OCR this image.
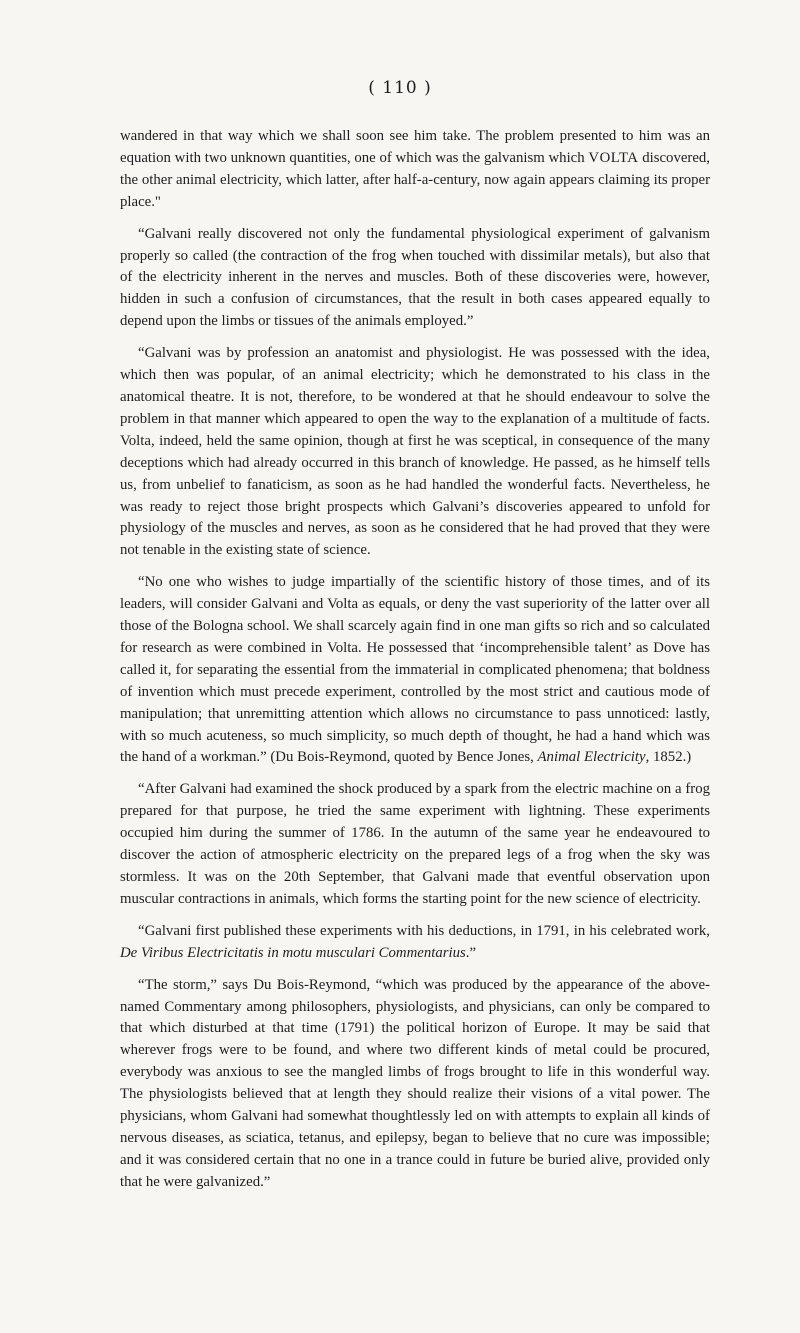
( 110 )

wandered in that way which we shall soon see him take. The problem presented to him was an equation with two unknown quantities, one of which was the galvanism which VOLTA discovered, the other animal electricity, which latter, after half-a-century, now again appears claiming its proper place."

“Galvani really discovered not only the fundamental physiological experiment of galvanism properly so called (the contraction of the frog when touched with dissimilar metals), but also that of the electricity inherent in the nerves and muscles. Both of these discoveries were, however, hidden in such a confusion of circumstances, that the result in both cases appeared equally to depend upon the limbs or tissues of the animals employed.”

“Galvani was by profession an anatomist and physiologist. He was possessed with the idea, which then was popular, of an animal electricity; which he demonstrated to his class in the anatomical theatre. It is not, therefore, to be wondered at that he should endeavour to solve the problem in that manner which appeared to open the way to the explanation of a multitude of facts. Volta, indeed, held the same opinion, though at first he was sceptical, in consequence of the many deceptions which had already occurred in this branch of knowledge. He passed, as he himself tells us, from unbelief to fanaticism, as soon as he had handled the wonderful facts. Nevertheless, he was ready to reject those bright prospects which Galvani’s discoveries appeared to unfold for physiology of the muscles and nerves, as soon as he considered that he had proved that they were not tenable in the existing state of science.

“No one who wishes to judge impartially of the scientific history of those times, and of its leaders, will consider Galvani and Volta as equals, or deny the vast superiority of the latter over all those of the Bologna school. We shall scarcely again find in one man gifts so rich and so calculated for research as were combined in Volta. He possessed that ‘incomprehensible talent’ as Dove has called it, for separating the essential from the immaterial in complicated phenomena; that boldness of invention which must precede experiment, controlled by the most strict and cautious mode of manipulation; that unremitting attention which allows no circumstance to pass unnoticed: lastly, with so much acuteness, so much simplicity, so much depth of thought, he had a hand which was the hand of a workman.” (Du Bois-Reymond, quoted by Bence Jones, Animal Electricity, 1852.)

“After Galvani had examined the shock produced by a spark from the electric machine on a frog prepared for that purpose, he tried the same experiment with lightning. These experiments occupied him during the summer of 1786. In the autumn of the same year he endeavoured to discover the action of atmospheric electricity on the prepared legs of a frog when the sky was stormless. It was on the 20th September, that Galvani made that eventful observation upon muscular contractions in animals, which forms the starting point for the new science of electricity.

“Galvani first published these experiments with his deductions, in 1791, in his celebrated work, De Viribus Electricitatis in motu musculari Commentarius.”

“The storm,” says Du Bois-Reymond, “which was produced by the appearance of the above-named Commentary among philosophers, physiologists, and physicians, can only be compared to that which disturbed at that time (1791) the political horizon of Europe. It may be said that wherever frogs were to be found, and where two different kinds of metal could be procured, everybody was anxious to see the mangled limbs of frogs brought to life in this wonderful way. The physiologists believed that at length they should realize their visions of a vital power. The physicians, whom Galvani had somewhat thoughtlessly led on with attempts to explain all kinds of nervous diseases, as sciatica, tetanus, and epilepsy, began to believe that no cure was impossible; and it was considered certain that no one in a trance could in future be buried alive, provided only that he were galvanized.”
